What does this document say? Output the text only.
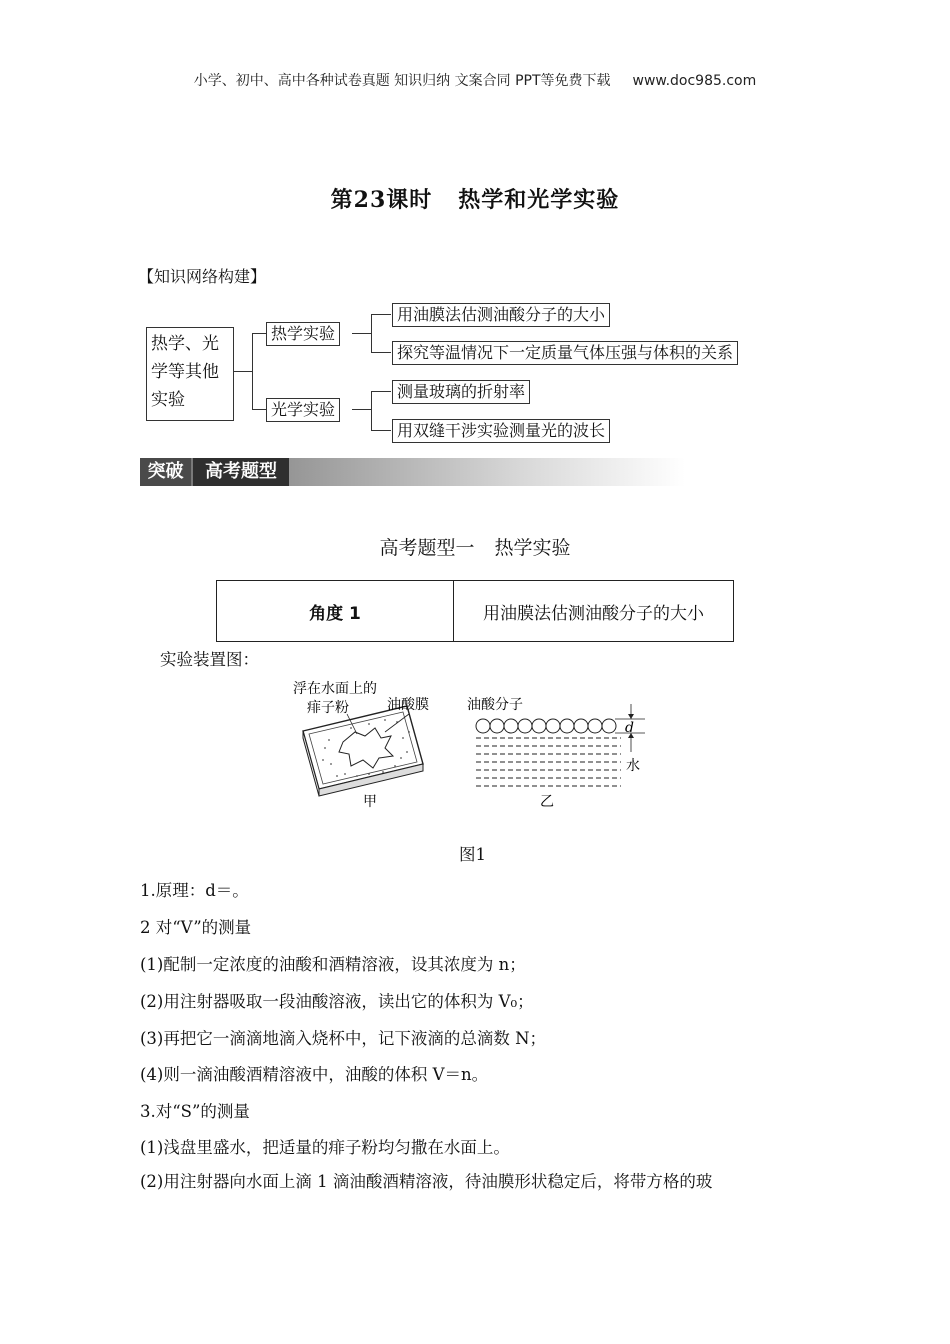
小学、初中、高中各种试卷真题 知识归纳 文案合同 PPT等免费下载 www.doc985.com
第23课时 热学和光学实验
【知识网络构建】
热学、光学等其他实验
热学实验
光学实验
用油膜法估测油酸分子的大小
探究等温情况下一定质量气体压强与体积的关系
测量玻璃的折射率
用双缝干涉实验测量光的波长
突破	高考题型
高考题型一 热学实验
角度 1	用油膜法估测油酸分子的大小
实验装置图：
浮在水面上的
痱子粉	油酸膜
甲
油酸分子
d
水
乙
图1
1.原理：d＝。
2 对“V”的测量
(1)配制一定浓度的油酸和酒精溶液，设其浓度为 n；
(2)用注射器吸取一段油酸溶液，读出它的体积为 V₀；
(3)再把它一滴滴地滴入烧杯中，记下液滴的总滴数 N；
(4)则一滴油酸酒精溶液中，油酸的体积 V＝n。
3.对“S”的测量
(1)浅盘里盛水，把适量的痱子粉均匀撒在水面上。
(2)用注射器向水面上滴 1 滴油酸酒精溶液，待油膜形状稳定后，将带方格的玻
